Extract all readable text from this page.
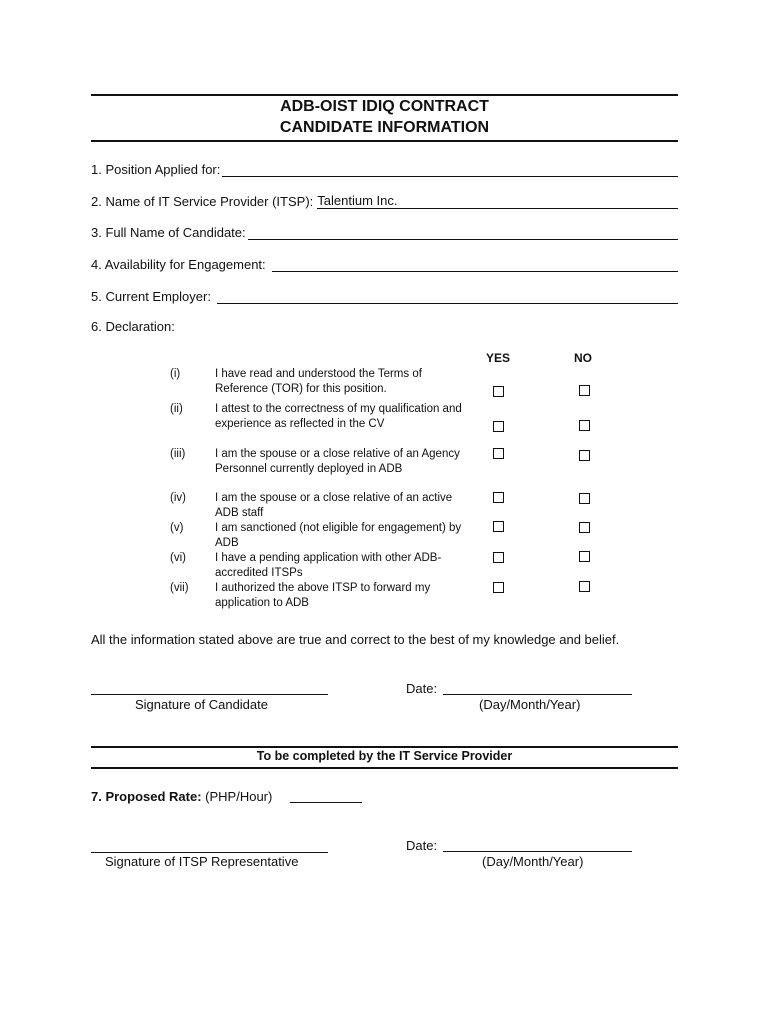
ADB-OIST IDIQ CONTRACT
CANDIDATE INFORMATION
1. Position Applied for:
2. Name of IT Service Provider (ITSP): Talentium Inc.
3. Full Name of Candidate:
4. Availability for Engagement:
5. Current Employer:
6. Declaration:
YES	NO
(i)	I have read and understood the Terms of Reference (TOR) for this position.
(ii)	I attest to the correctness of my qualification and experience as reflected in the CV
(iii)	I am the spouse or a close relative of an Agency Personnel currently deployed in ADB
(iv)	I am the spouse or a close relative of an active ADB staff
(v)	I am sanctioned (not eligible for engagement) by ADB
(vi)	I have a pending application with other ADB-accredited ITSPs
(vii) I authorized the above ITSP to forward my application to ADB
All the information stated above are true and correct to the best of my knowledge and belief.
Signature of Candidate
Date:
(Day/Month/Year)
To be completed by the IT Service Provider
7. Proposed Rate: (PHP/Hour)
Signature of ITSP Representative
Date:
(Day/Month/Year)
